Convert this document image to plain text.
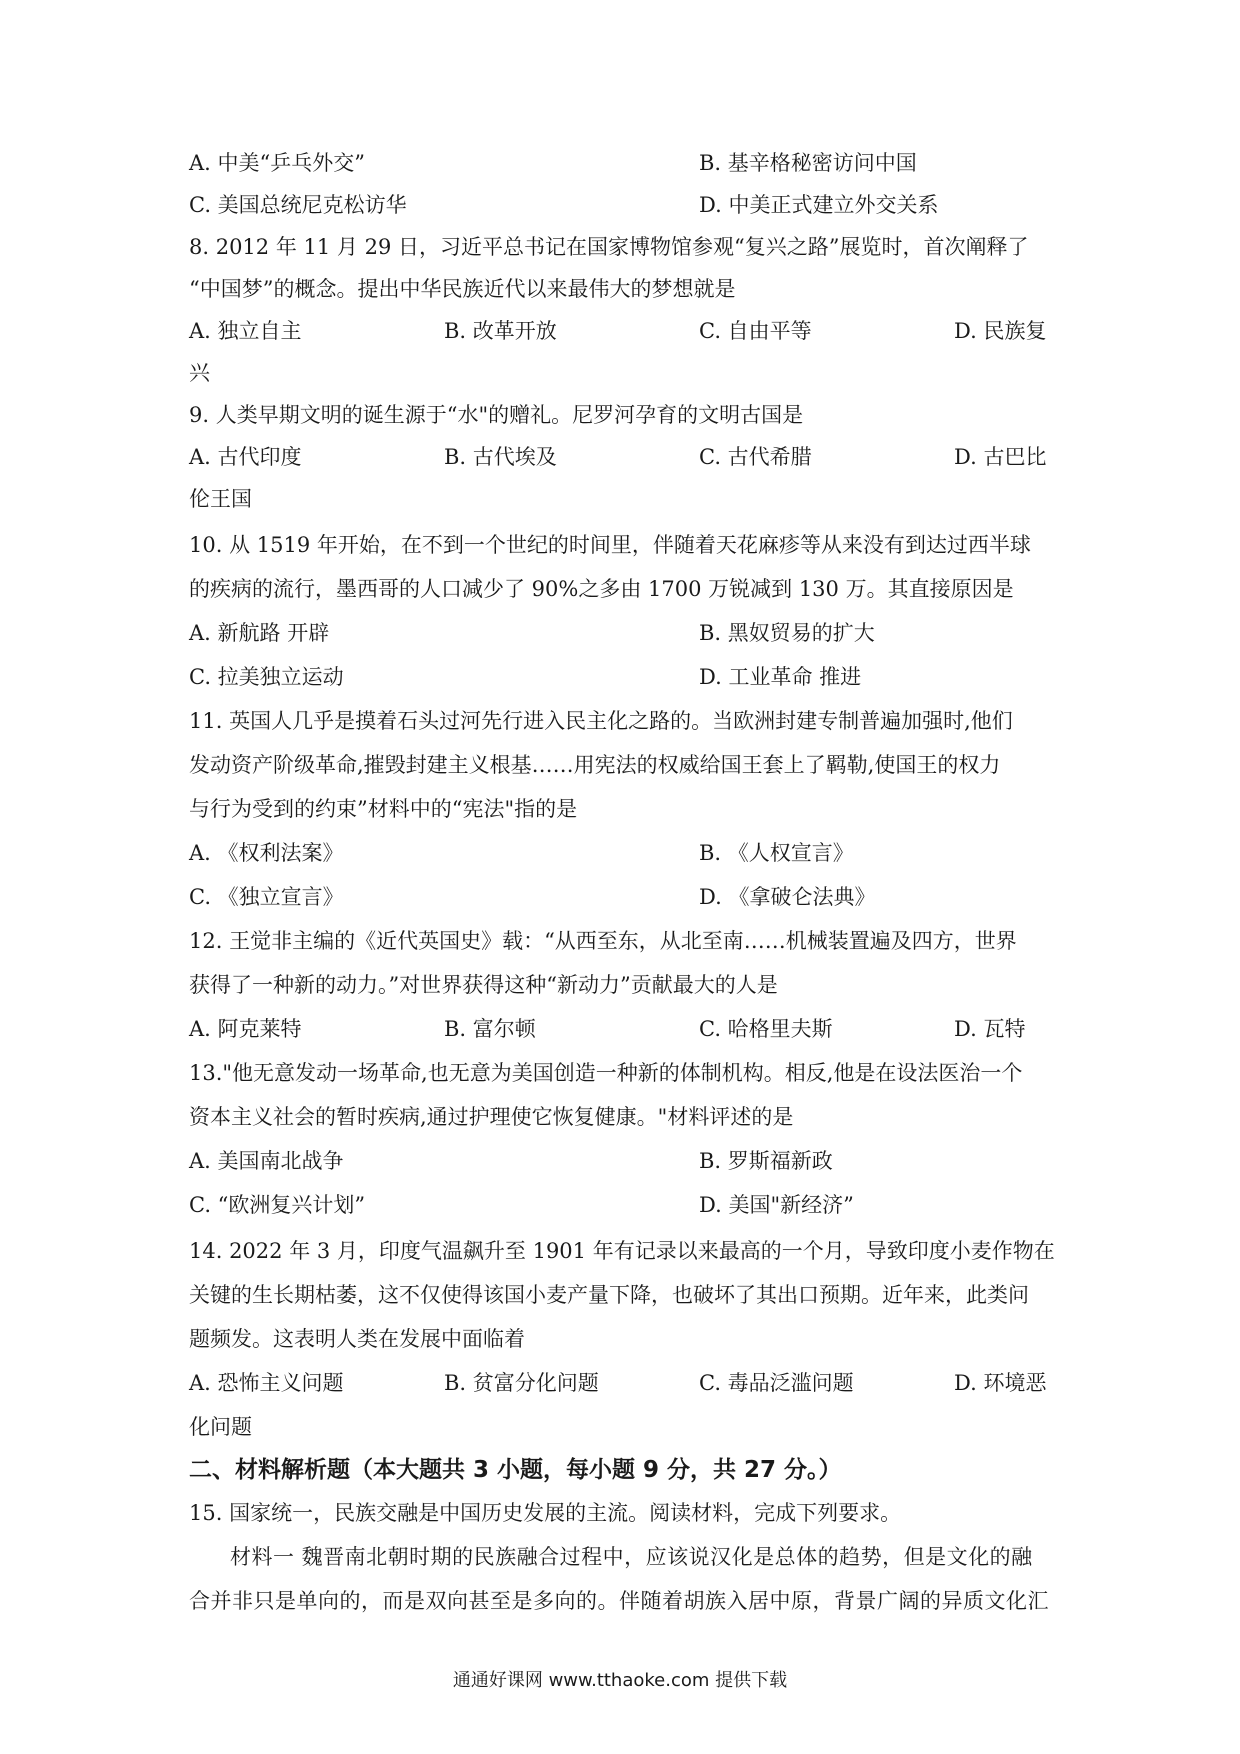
A. 中美“乒乓外交”	B. 基辛格秘密访问中国
C. 美国总统尼克松访华	D. 中美正式建立外交关系
8. 2012 年 11 月 29 日，习近平总书记在国家博物馆参观“复兴之路”展览时，首次阐释了
“中国梦”的概念。提出中华民族近代以来最伟大的梦想就是
A. 独立自主	B. 改革开放	C. 自由平等	D. 民族复
兴
9. 人类早期文明的诞生源于“水"的赠礼。尼罗河孕育的文明古国是
A. 古代印度	B. 古代埃及	C. 古代希腊	D. 古巴比
伦王国
10. 从 1519 年开始，在不到一个世纪的时间里，伴随着天花麻疹等从来没有到达过西半球
的疾病的流行，墨西哥的人口减少了 90%之多由 1700 万锐减到 130 万。其直接原因是
A. 新航路 开辟	B. 黑奴贸易的扩大
C. 拉美独立运动	D. 工业革命 推进
11. 英国人几乎是摸着石头过河先行进入民主化之路的。当欧洲封建专制普遍加强时,他们
发动资产阶级革命,摧毁封建主义根基……用宪法的权威给国王套上了羁勒,使国王的权力
与行为受到的约束”材料中的“宪法"指的是
A. 《权利法案》	B. 《人权宣言》
C. 《独立宣言》	D. 《拿破仑法典》
12. 王觉非主编的《近代英国史》载：“从西至东，从北至南……机械装置遍及四方，世界
获得了一种新的动力。”对世界获得这种“新动力”贡献最大的人是
A. 阿克莱特	B. 富尔顿	C. 哈格里夫斯	D. 瓦特
13."他无意发动一场革命,也无意为美国创造一种新的体制机构。相反,他是在设法医治一个
资本主义社会的暂时疾病,通过护理使它恢复健康。"材料评述的是
A. 美国南北战争	B. 罗斯福新政
C. “欧洲复兴计划”	D. 美国"新经济”
14. 2022 年 3 月，印度气温飙升至 1901 年有记录以来最高的一个月，导致印度小麦作物在
关键的生长期枯萎，这不仅使得该国小麦产量下降，也破坏了其出口预期。近年来，此类问
题频发。这表明人类在发展中面临着
A. 恐怖主义问题	B. 贫富分化问题	C. 毒品泛滥问题	D. 环境恶
化问题
二、材料解析题（本大题共 3 小题，每小题 9 分，共 27 分。）
15. 国家统一，民族交融是中国历史发展的主流。阅读材料，完成下列要求。
材料一 魏晋南北朝时期的民族融合过程中，应该说汉化是总体的趋势，但是文化的融
合并非只是单向的，而是双向甚至是多向的。伴随着胡族入居中原，背景广阔的异质文化汇
通通好课网 www.tthaoke.com 提供下载
